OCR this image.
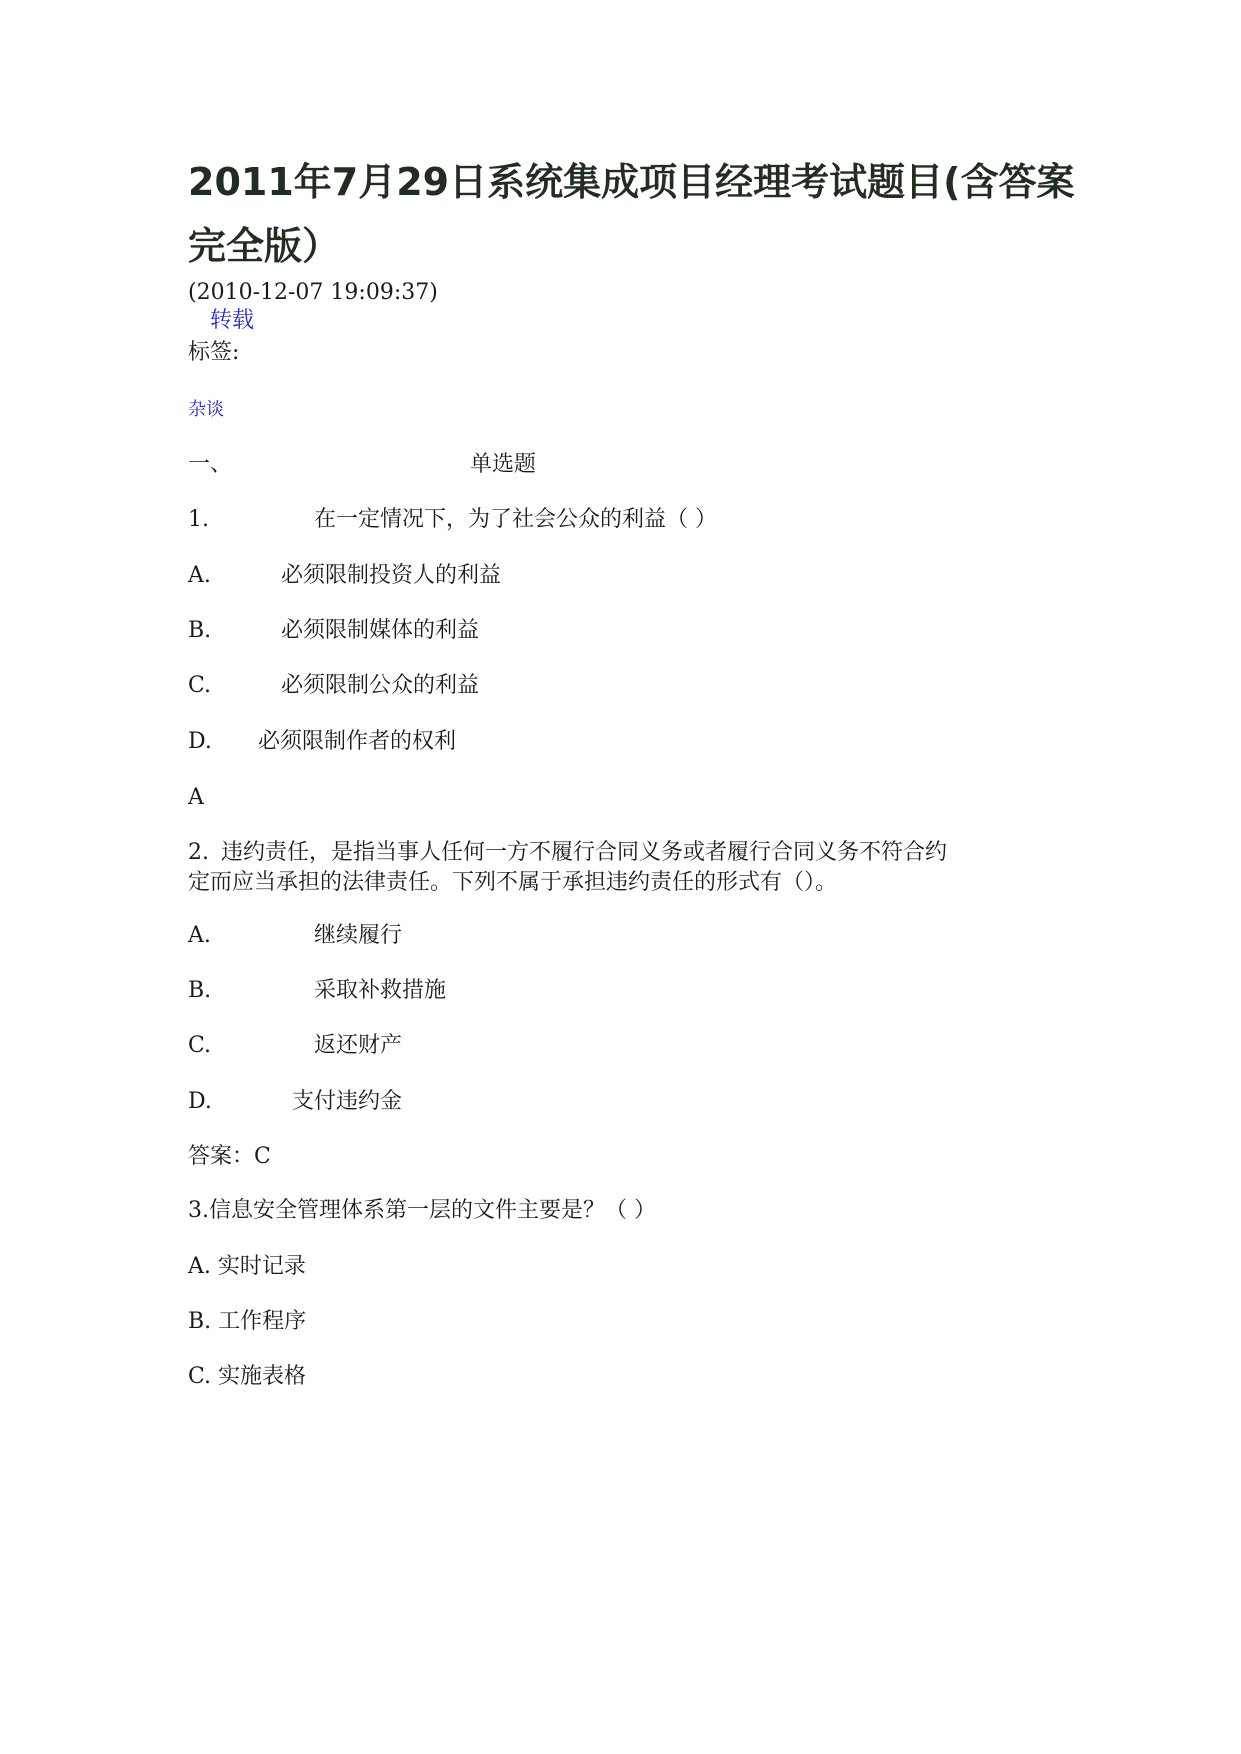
2011年7月29日系统集成项目经理考试题目(含答案完全版）
(2010-12-07 19:09:37)
转载
标签:
杂谈
一、	单选题
1.	在一定情况下，为了社会公众的利益（ ）
A.	必须限制投资人的利益
B.	必须限制媒体的利益
C.	必须限制公众的利益
D. 必须限制作者的权利
A
2. 违约责任，是指当事人任何一方不履行合同义务或者履行合同义务不符合约
定而应当承担的法律责任。下列不属于承担违约责任的形式有（）。
A.	继续履行
B.	采取补救措施
C.	返还财产
D.	支付违约金
答案：C
3.信息安全管理体系第一层的文件主要是？（ ）
A. 实时记录
B. 工作程序
C. 实施表格
